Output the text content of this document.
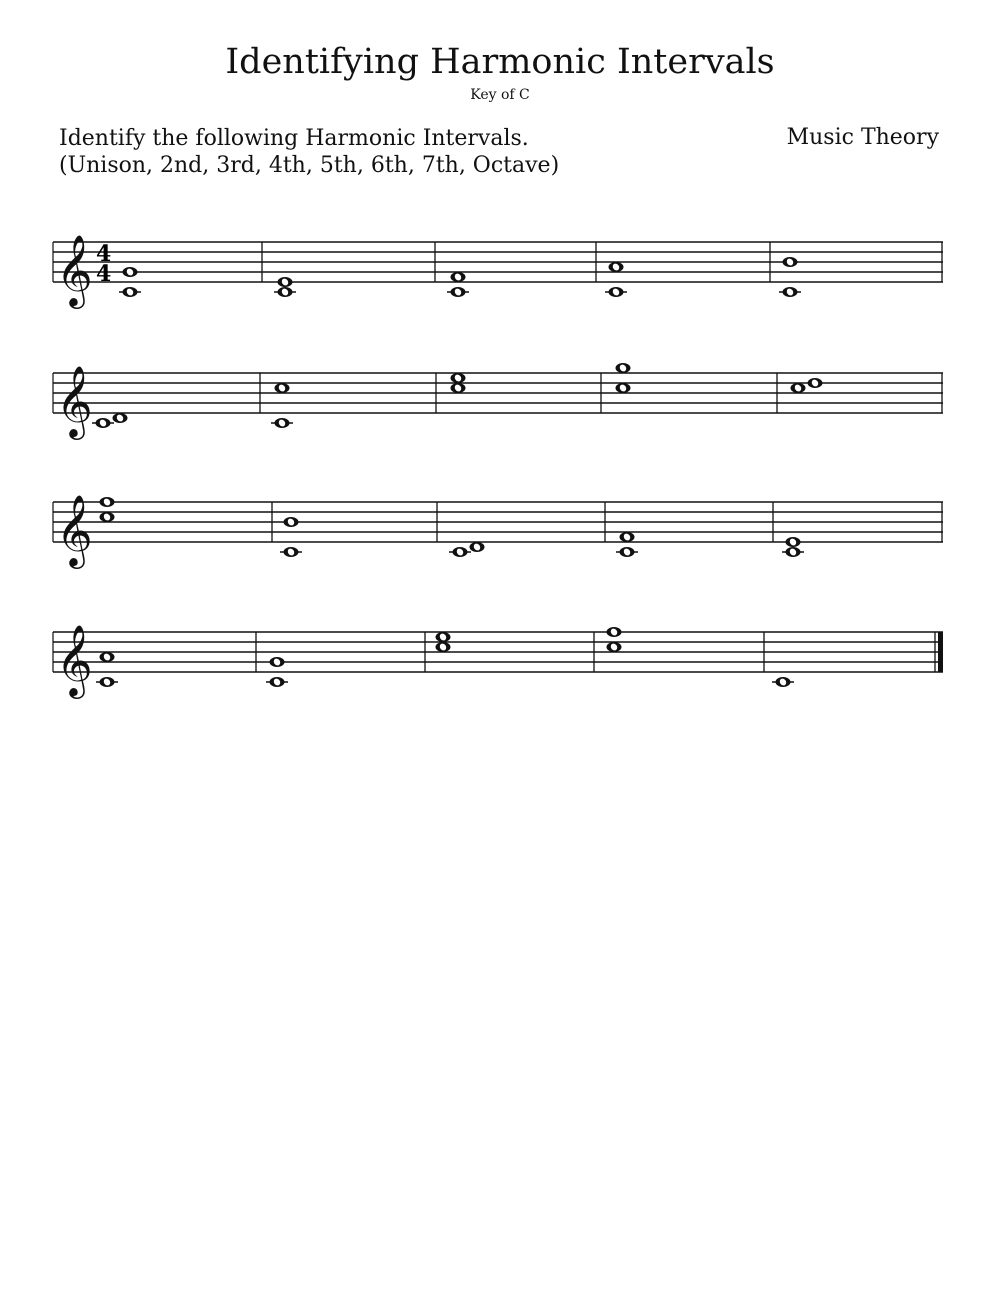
Identifying Harmonic Intervals
Key of C
Identify the following Harmonic Intervals.
(Unison, 2nd, 3rd, 4th, 5th, 6th, 7th, Octave)
Music Theory
𝄞 4
4
𝄞
𝄞
𝄞
